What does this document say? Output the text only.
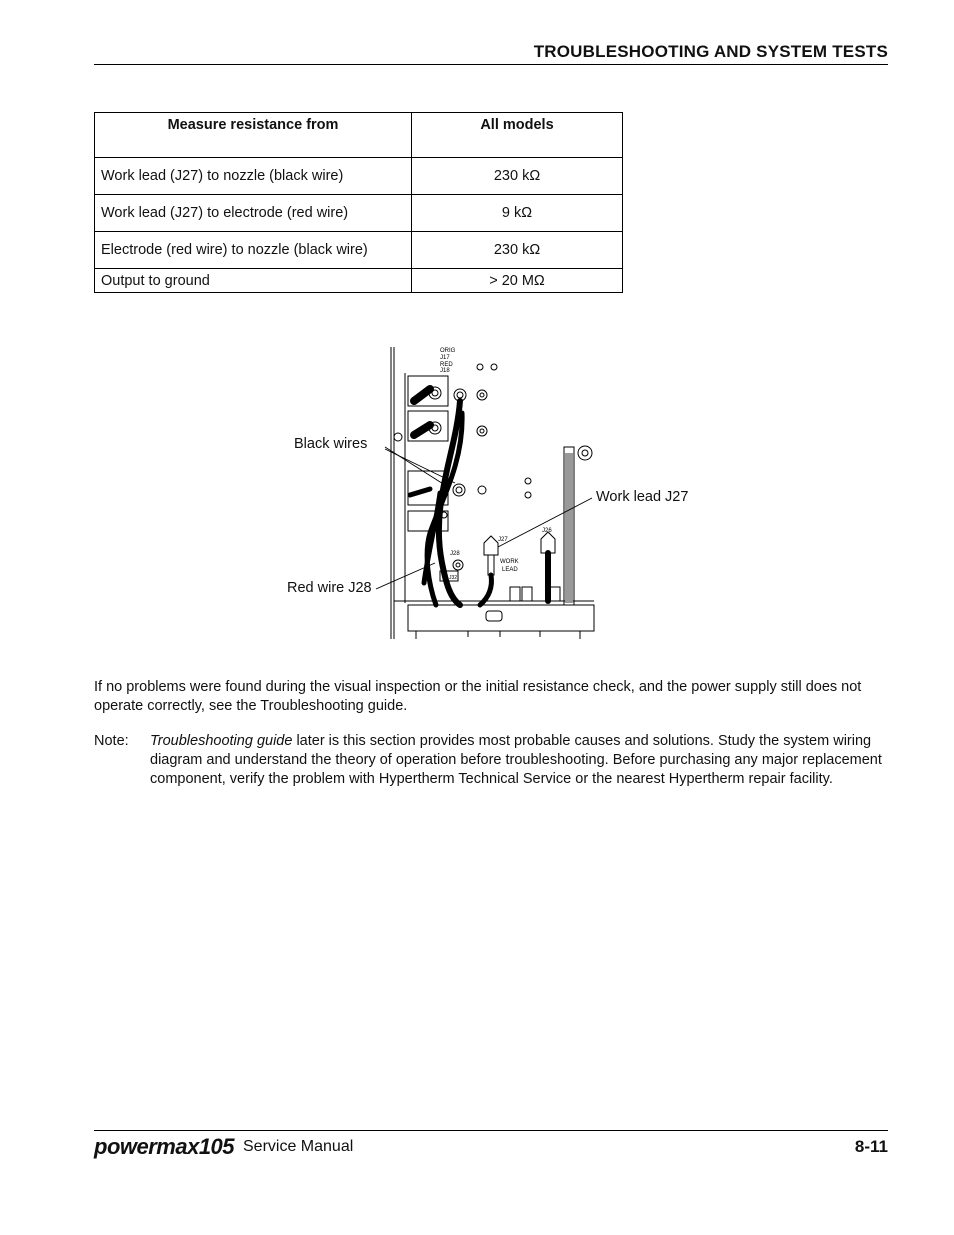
TROUBLESHOOTING AND SYSTEM TESTS
Measure resistance from	All models
Work lead (J27) to nozzle (black wire)	230 kΩ
Work lead (J27) to electrode (red wire)	9 kΩ
Electrode (red wire) to nozzle (black wire)	230 kΩ
Output to ground	> 20 MΩ
Black wires
Work lead J27
Red wire J28
ORIG
J17
RED
J18
J27
J26
J28
J32
WORK
LEAD
If no problems were found during the visual inspection or the initial resistance check, and the power supply still does not operate correctly, see the Troubleshooting guide.
Note: Troubleshooting guide later is this section provides most probable causes and solutions. Study the system wiring diagram and understand the theory of operation before troubleshooting. Before purchasing any major replacement component, verify the problem with Hypertherm Technical Service or the nearest Hypertherm repair facility.
powermax105 Service Manual	8-11
